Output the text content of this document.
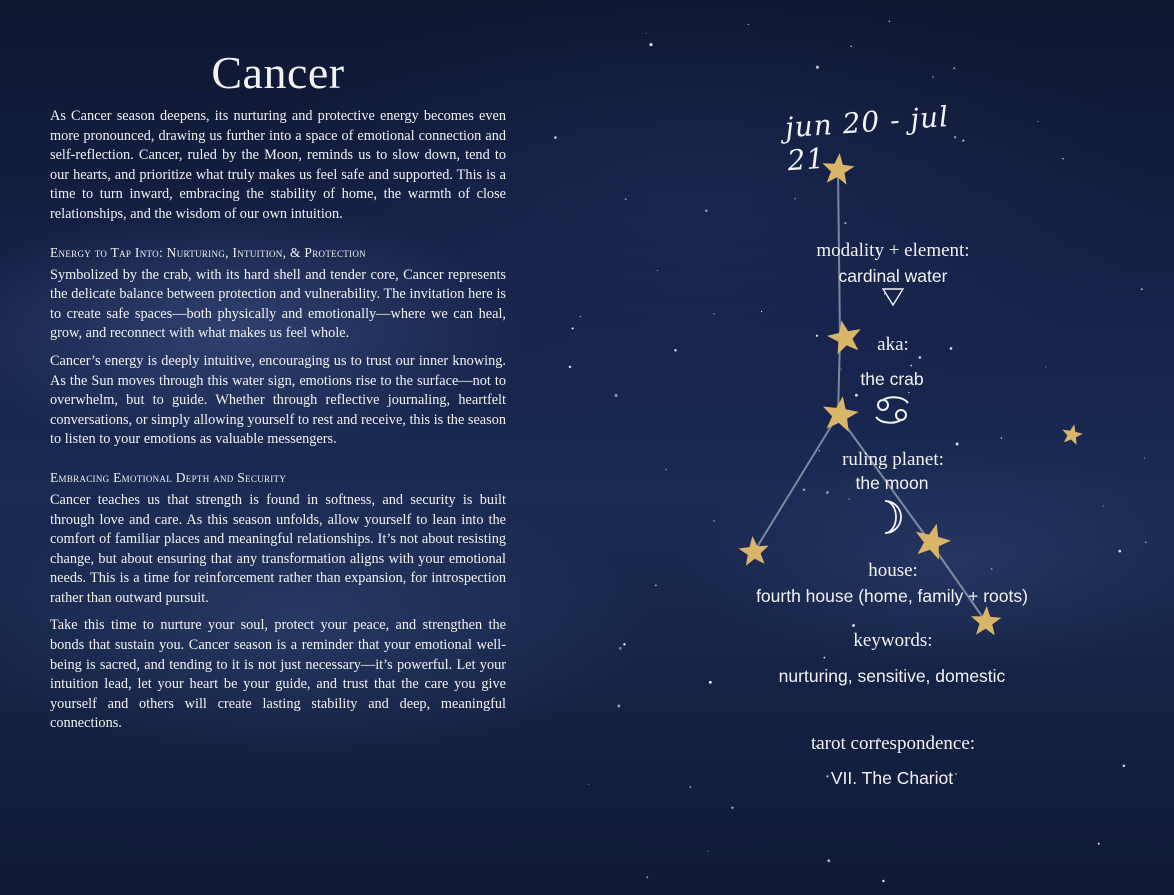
Cancer

As Cancer season deepens, its nurturing and protective energy becomes even more pronounced, drawing us further into a space of emotional connection and self-reflection. Cancer, ruled by the Moon, reminds us to slow down, tend to our hearts, and prioritize what truly makes us feel safe and supported. This is a time to turn inward, embracing the stability of home, the warmth of close relationships, and the wisdom of our own intuition.

Energy to Tap Into: Nurturing, Intuition, & Protection

Symbolized by the crab, with its hard shell and tender core, Cancer represents the delicate balance between protection and vulnerability. The invitation here is to create safe spaces—both physically and emotionally—where we can heal, grow, and reconnect with what makes us feel whole.

Cancer’s energy is deeply intuitive, encouraging us to trust our inner knowing. As the Sun moves through this water sign, emotions rise to the surface—not to overwhelm, but to guide. Whether through reflective journaling, heartfelt conversations, or simply allowing yourself to rest and receive, this is the season to listen to your emotions as valuable messengers.

Embracing Emotional Depth and Security

Cancer teaches us that strength is found in softness, and security is built through love and care. As this season unfolds, allow yourself to lean into the comfort of familiar places and meaningful relationships. It’s not about resisting change, but about ensuring that any transformation aligns with your emotional needs. This is a time for reinforcement rather than expansion, for introspection rather than outward pursuit.

Take this time to nurture your soul, protect your peace, and strengthen the bonds that sustain you. Cancer season is a reminder that your emotional well-being is sacred, and tending to it is not just necessary—it’s powerful. Let your intuition lead, let your heart be your guide, and trust that the care you give yourself and others will create lasting stability and deep, meaningful connections.

jun 20 - jul 21
modality + element:
cardinal water
aka:
the crab
ruling planet:
the moon
house:
fourth house (home, family + roots)
keywords:
nurturing, sensitive, domestic
tarot correspondence:
VII. The Chariot
